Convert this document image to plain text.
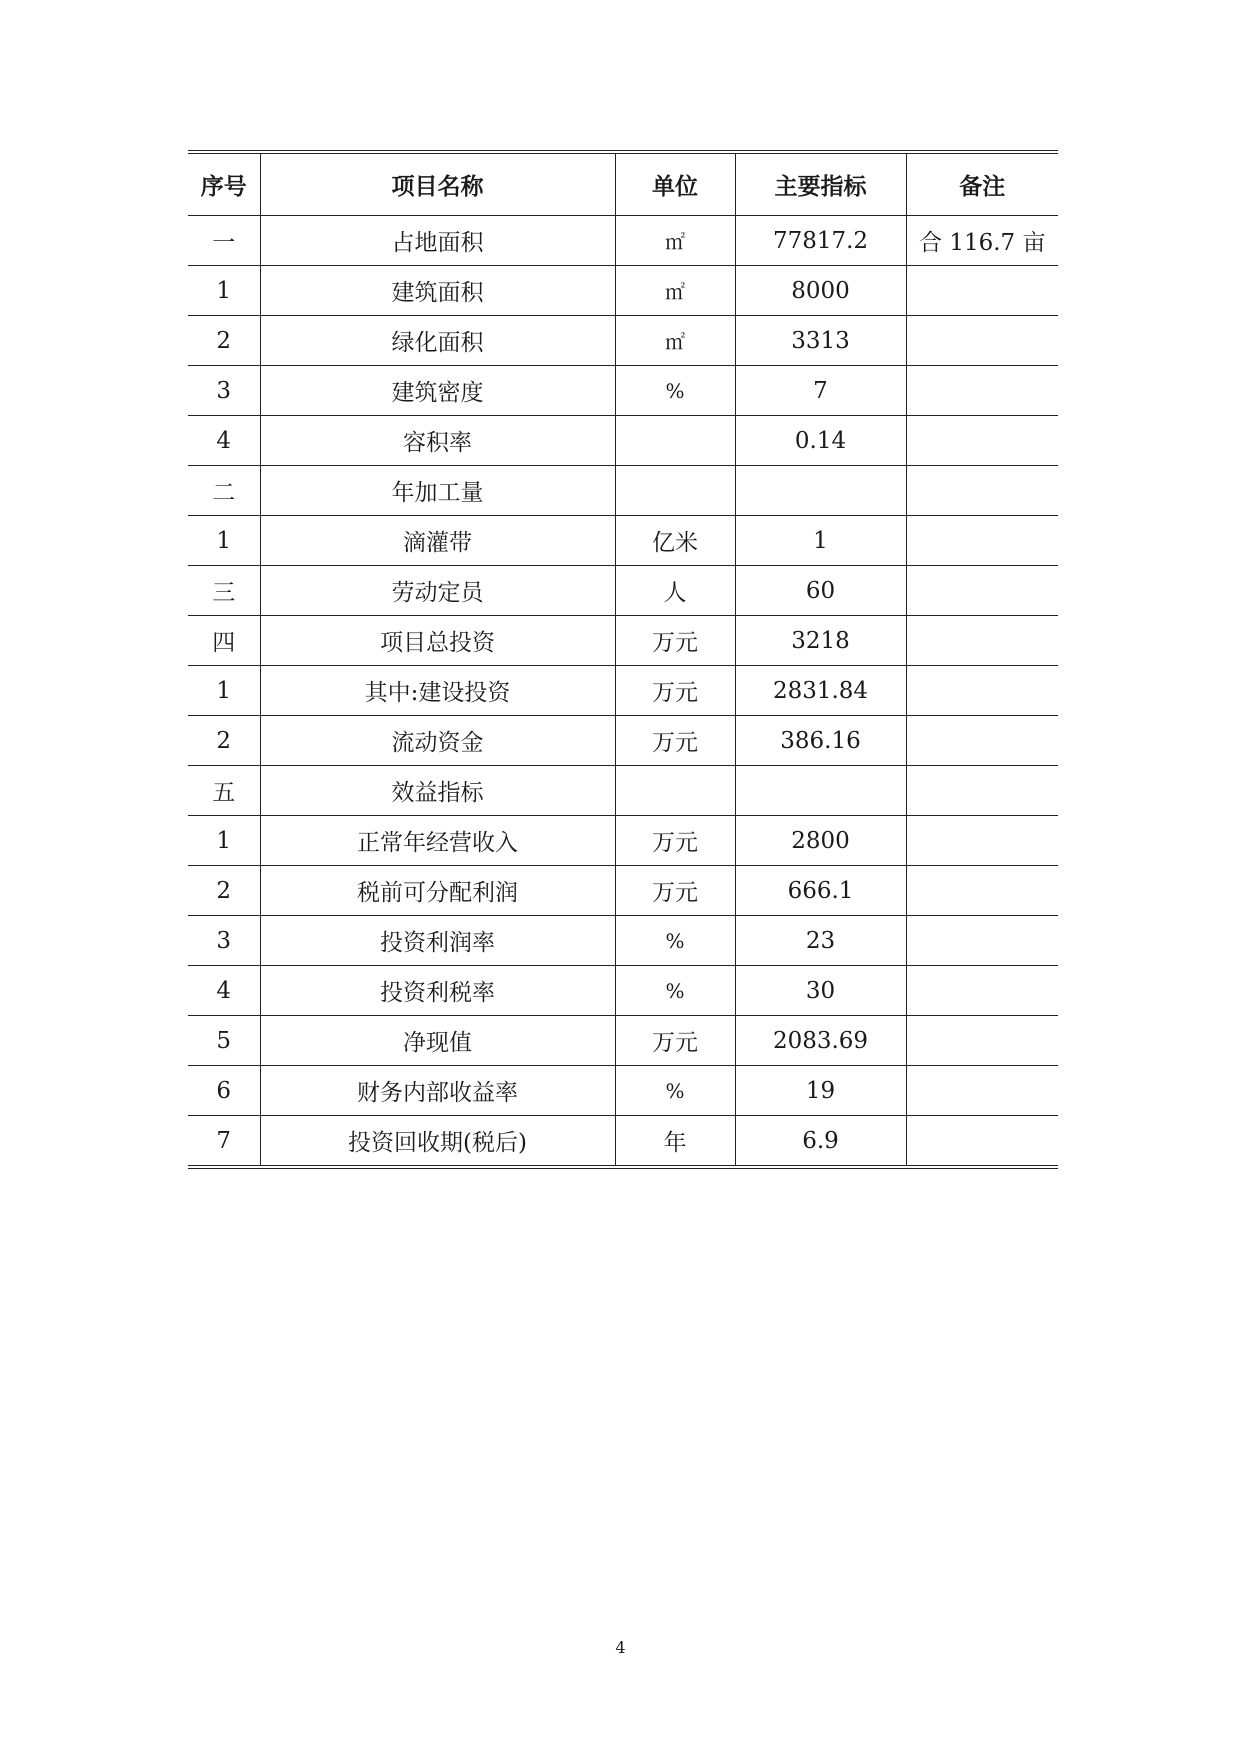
序号	项目名称	单位	主要指标	备注
一	占地面积	㎡	77817.2	合 116.7 亩
1	建筑面积	㎡	8000	
2	绿化面积	㎡	3313	
3	建筑密度	%	7	
4	容积率		0.14	
二	年加工量			
1	滴灌带	亿米	1	
三	劳动定员	人	60	
四	项目总投资	万元	3218	
1	其中:建设投资	万元	2831.84	
2	流动资金	万元	386.16	
五	效益指标			
1	正常年经营收入	万元	2800	
2	税前可分配利润	万元	666.1	
3	投资利润率	%	23	
4	投资利税率	%	30	
5	净现值	万元	2083.69	
6	财务内部收益率	%	19	
7	投资回收期(税后)	年	6.9	
4
